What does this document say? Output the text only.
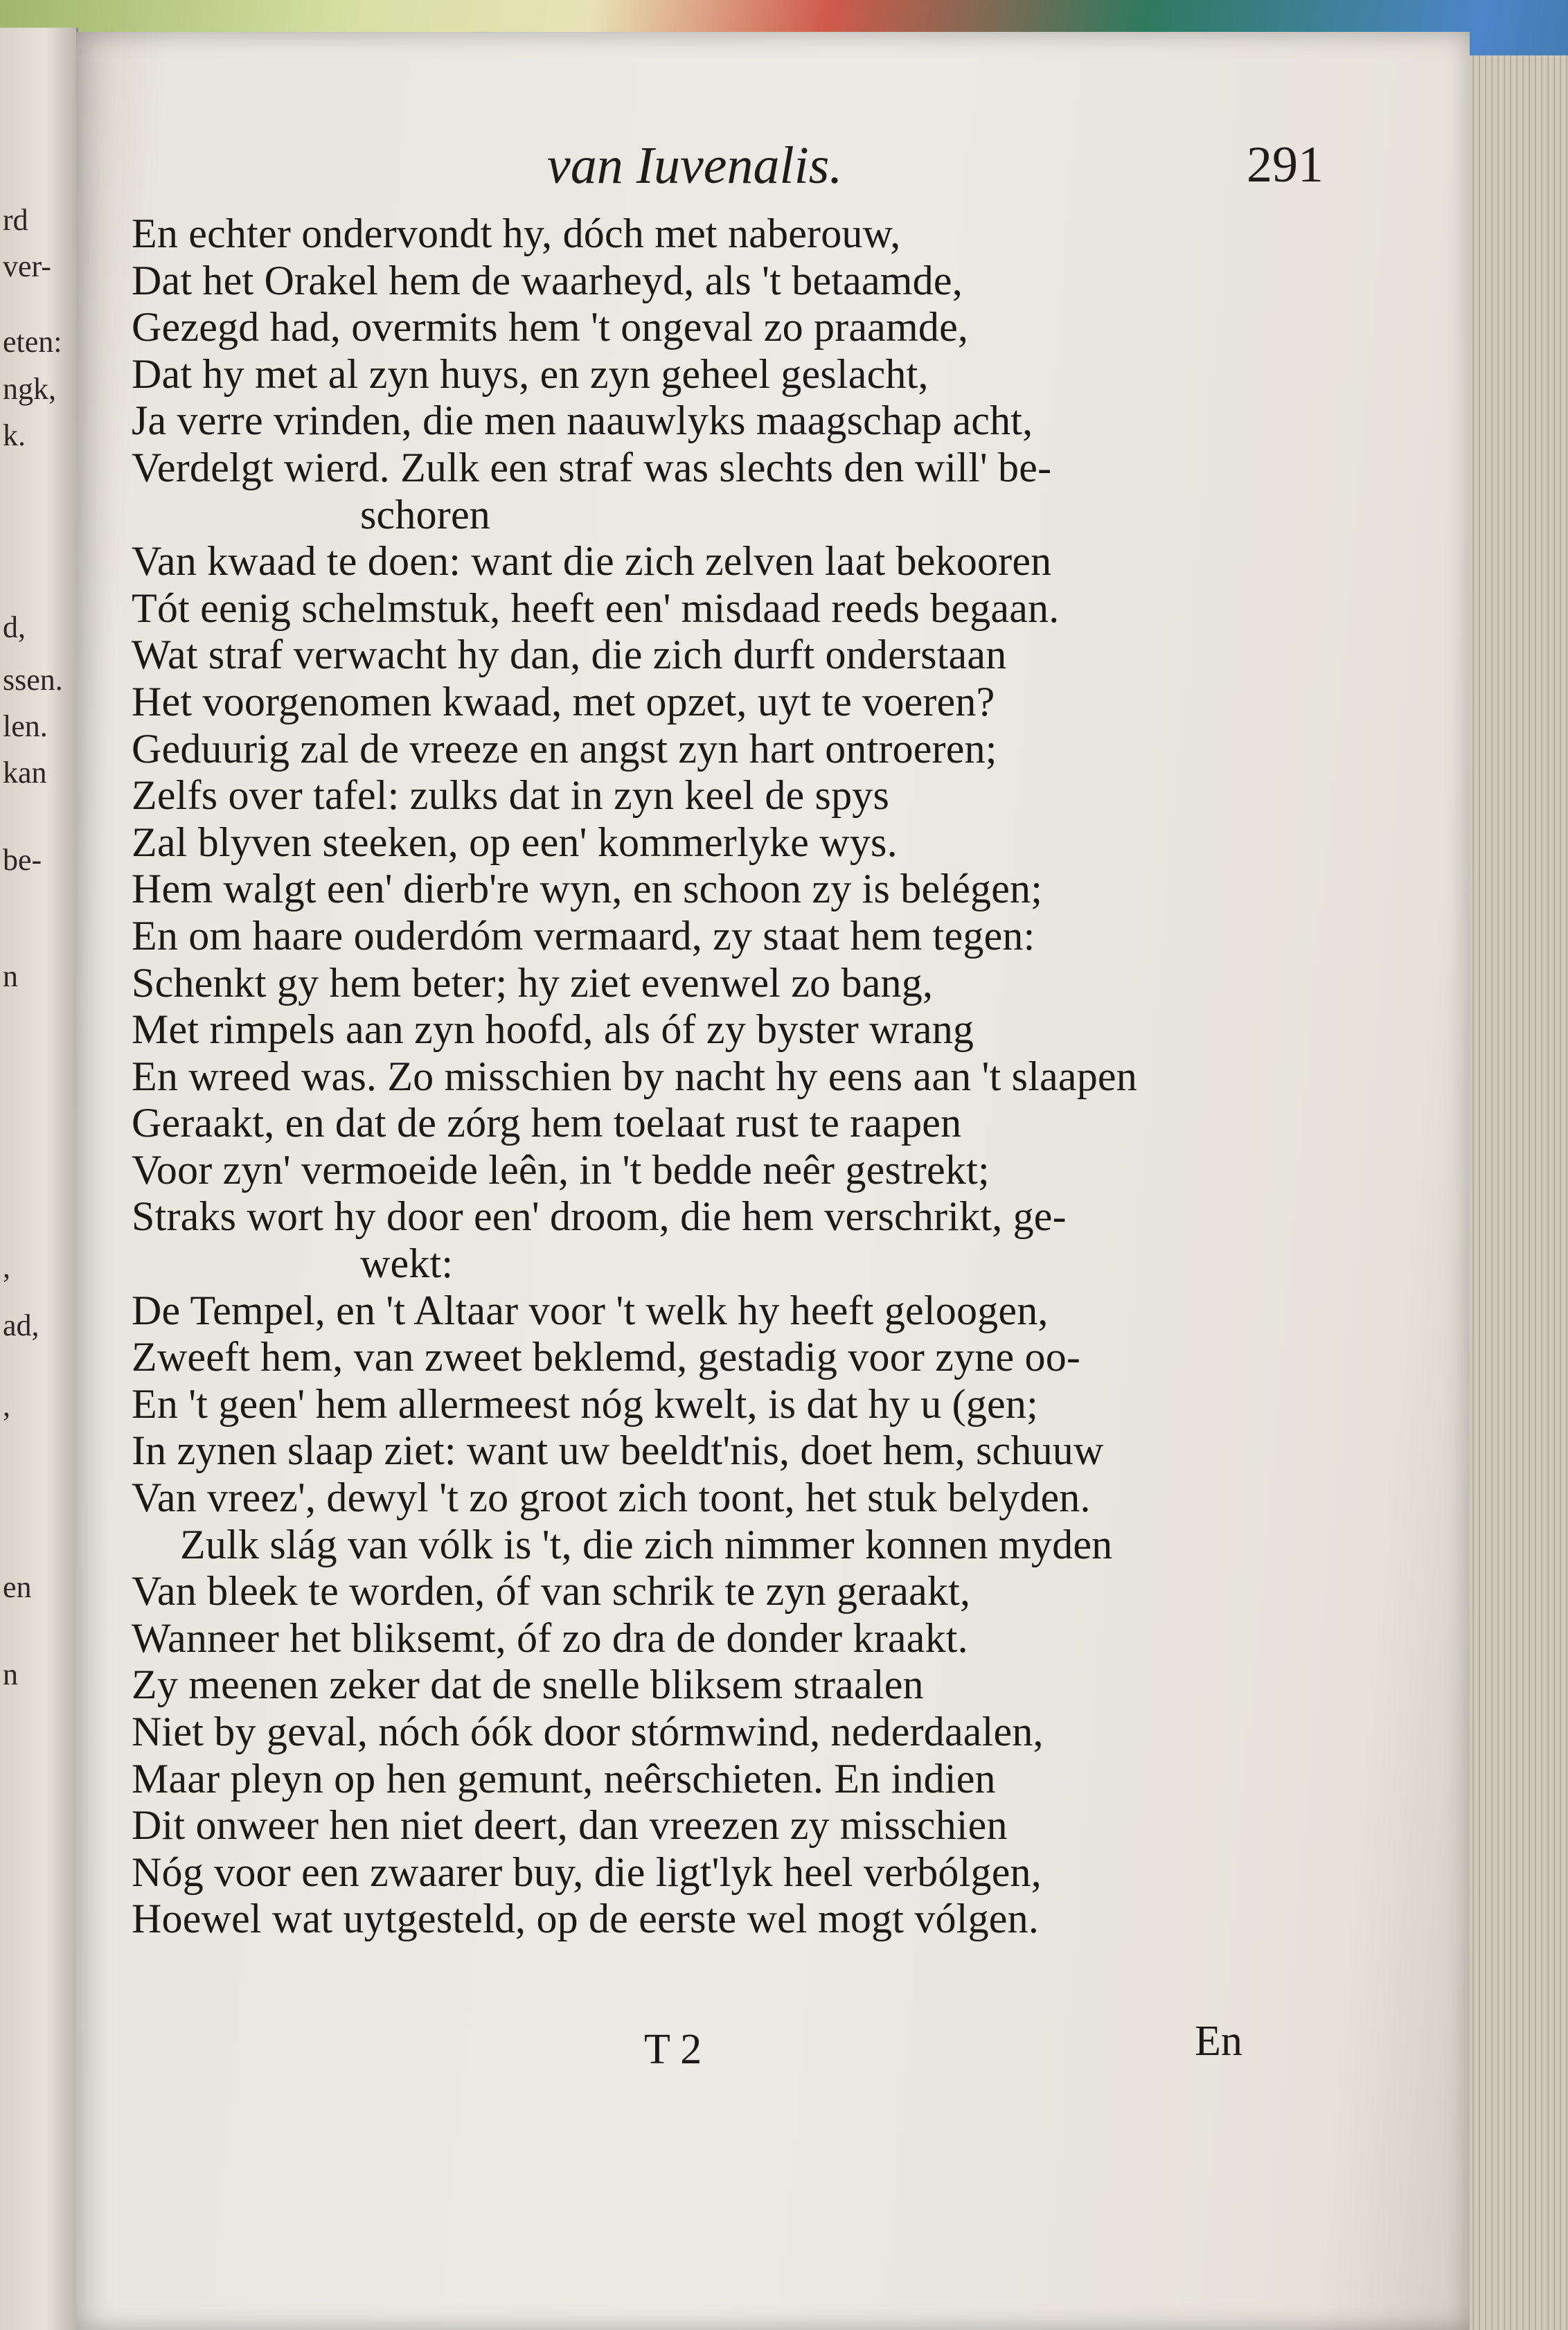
rd
ver-
eten:
ngk,
k.
d,
ssen.
len.
kan
be-
n
,
ad,
,
en
n
van Iuvenalis.	291
En echter ondervondt hy, dóch met naberouw,
Dat het Orakel hem de waarheyd, als 't betaamde,
Gezegd had, overmits hem 't ongeval zo praamde,
Dat hy met al zyn huys, en zyn geheel geslacht,
Ja verre vrinden, die men naauwlyks maagschap acht,
Verdelgt wierd. Zulk een straf was slechts den will' be-
schoren
Van kwaad te doen: want die zich zelven laat bekooren
Tót eenig schelmstuk, heeft een' misdaad reeds begaan.
Wat straf verwacht hy dan, die zich durft onderstaan
Het voorgenomen kwaad, met opzet, uyt te voeren?
Geduurig zal de vreeze en angst zyn hart ontroeren;
Zelfs over tafel: zulks dat in zyn keel de spys
Zal blyven steeken, op een' kommerlyke wys.
Hem walgt een' dierb're wyn, en schoon zy is belégen;
En om haare ouderdóm vermaard, zy staat hem tegen:
Schenkt gy hem beter; hy ziet evenwel zo bang,
Met rimpels aan zyn hoofd, als óf zy byster wrang
En wreed was. Zo misschien by nacht hy eens aan 't slaapen
Geraakt, en dat de zórg hem toelaat rust te raapen
Voor zyn' vermoeide leên, in 't bedde neêr gestrekt;
Straks wort hy door een' droom, die hem verschrikt, ge-
wekt:
De Tempel, en 't Altaar voor 't welk hy heeft geloogen,
Zweeft hem, van zweet beklemd, gestadig voor zyne oo-
En 't geen' hem allermeest nóg kwelt, is dat hy u (gen;
In zynen slaap ziet: want uw beeldt'nis, doet hem, schuuw
Van vreez', dewyl 't zo groot zich toont, het stuk belyden.
Zulk slág van vólk is 't, die zich nimmer konnen myden
Van bleek te worden, óf van schrik te zyn geraakt,
Wanneer het bliksemt, óf zo dra de donder kraakt.
Zy meenen zeker dat de snelle bliksem straalen
Niet by geval, nóch óók door stórmwind, nederdaalen,
Maar pleyn op hen gemunt, neêrschieten. En indien
Dit onweer hen niet deert, dan vreezen zy misschien
Nóg voor een zwaarer buy, die ligt'lyk heel verbólgen,
Hoewel wat uytgesteld, op de eerste wel mogt vólgen.
T 2	En
